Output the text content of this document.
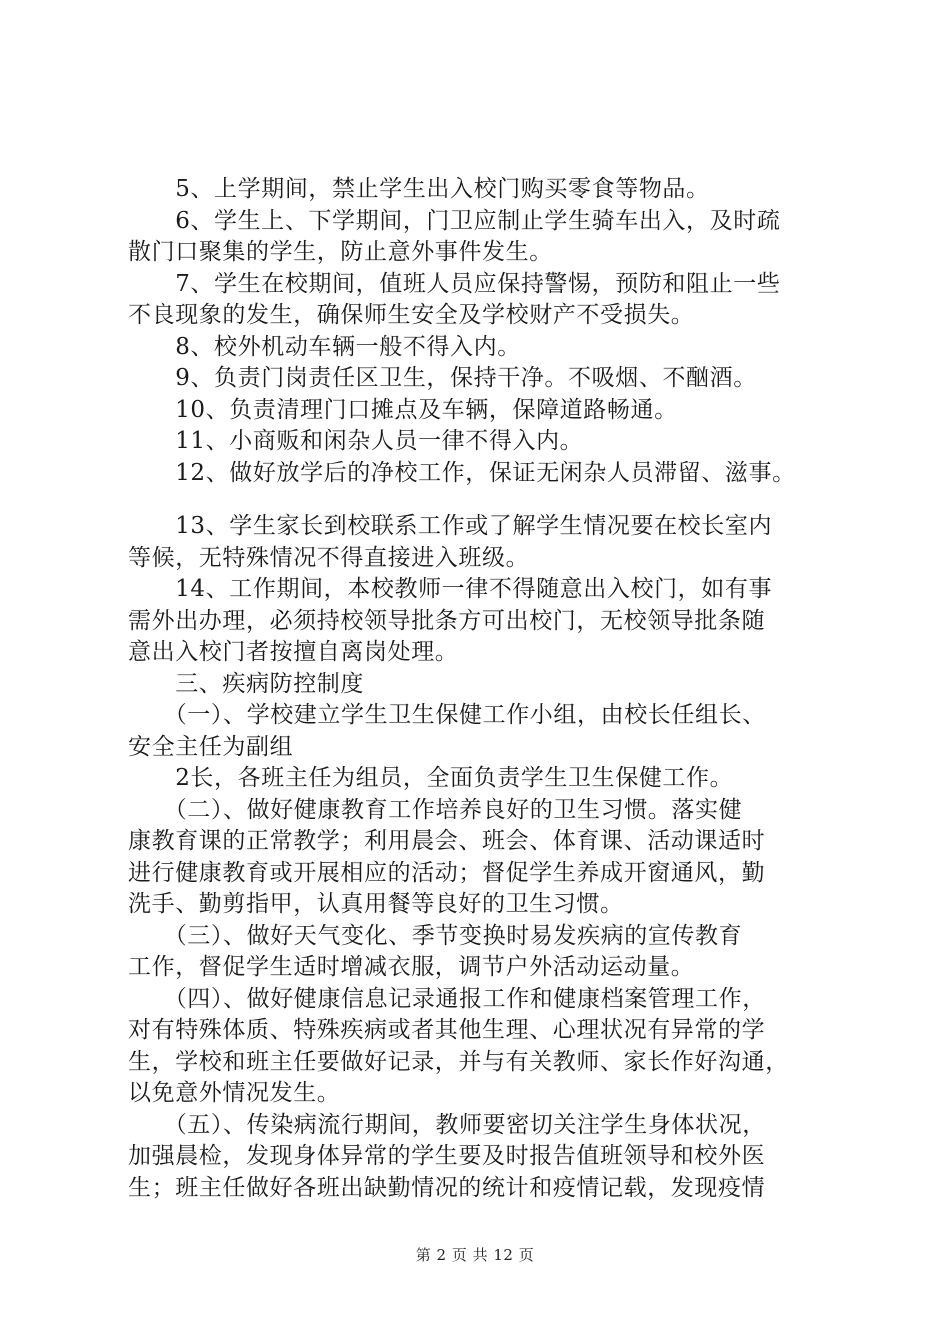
　　5、上学期间，禁止学生出入校门购买零食等物品。
　　6、学生上、下学期间，门卫应制止学生骑车出入，及时疏
散门口聚集的学生，防止意外事件发生。
　　7、学生在校期间，值班人员应保持警惕，预防和阻止一些
不良现象的发生，确保师生安全及学校财产不受损失。
　　8、校外机动车辆一般不得入内。
　　9、负责门岗责任区卫生，保持干净。不吸烟、不酗酒。
　　10、负责清理门口摊点及车辆，保障道路畅通。
　　11、小商贩和闲杂人员一律不得入内。
　　12、做好放学后的净校工作，保证无闲杂人员滞留、滋事。
　　13、学生家长到校联系工作或了解学生情况要在校长室内
等候，无特殊情况不得直接进入班级。
　　14、工作期间，本校教师一律不得随意出入校门，如有事
需外出办理，必须持校领导批条方可出校门，无校领导批条随
意出入校门者按擅自离岗处理。
　　三、疾病防控制度
　　（一）、学校建立学生卫生保健工作小组，由校长任组长、
安全主任为副组
　　2长，各班主任为组员，全面负责学生卫生保健工作。
　　（二）、做好健康教育工作培养良好的卫生习惯。落实健
康教育课的正常教学；利用晨会、班会、体育课、活动课适时
进行健康教育或开展相应的活动；督促学生养成开窗通风，勤
洗手、勤剪指甲，认真用餐等良好的卫生习惯。
　　（三）、做好天气变化、季节变换时易发疾病的宣传教育
工作，督促学生适时增减衣服，调节户外活动运动量。
　　（四）、做好健康信息记录通报工作和健康档案管理工作，
对有特殊体质、特殊疾病或者其他生理、心理状况有异常的学
生，学校和班主任要做好记录，并与有关教师、家长作好沟通，
以免意外情况发生。
　　（五）、传染病流行期间，教师要密切关注学生身体状况，
加强晨检，发现身体异常的学生要及时报告值班领导和校外医
生；班主任做好各班出缺勤情况的统计和疫情记载，发现疫情
第 2 页 共 12 页
